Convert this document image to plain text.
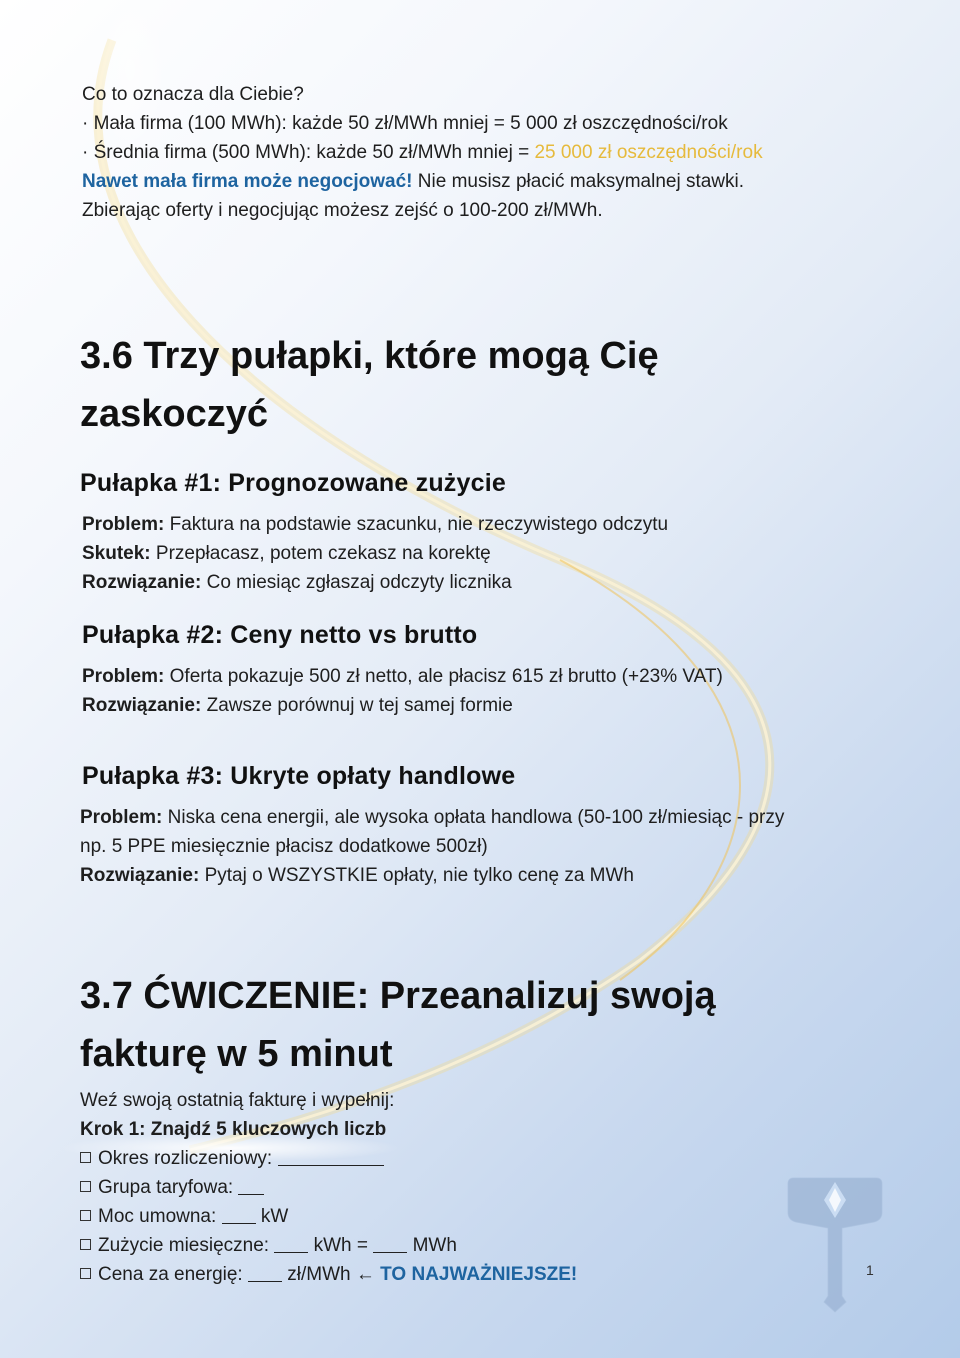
Co to oznacza dla Ciebie?
· Mała firma (100 MWh): każde 50 zł/MWh mniej = 5 000 zł oszczędności/rok
· Średnia firma (500 MWh): każde 50 zł/MWh mniej = 25 000 zł oszczędności/rok
Nawet mała firma może negocjować! Nie musisz płacić maksymalnej stawki.
Zbierając oferty i negocjując możesz zejść o 100-200 zł/MWh.
3.6 Trzy pułapki, które mogą Cię
zaskoczyć
Pułapka #1: Prognozowane zużycie
Problem: Faktura na podstawie szacunku, nie rzeczywistego odczytu
Skutek: Przepłacasz, potem czekasz na korektę
Rozwiązanie: Co miesiąc zgłaszaj odczyty licznika
Pułapka #2: Ceny netto vs brutto
Problem: Oferta pokazuje 500 zł netto, ale płacisz 615 zł brutto (+23% VAT)
Rozwiązanie: Zawsze porównuj w tej samej formie
Pułapka #3: Ukryte opłaty handlowe
Problem: Niska cena energii, ale wysoka opłata handlowa (50-100 zł/miesiąc - przy
np. 5 PPE miesięcznie płacisz dodatkowe 500zł)
Rozwiązanie: Pytaj o WSZYSTKIE opłaty, nie tylko cenę za MWh
3.7 ĆWICZENIE: Przeanalizuj swoją
fakturę w 5 minut
Weź swoją ostatnią fakturę i wypełnij:
Krok 1: Znajdź 5 kluczowych liczb
Okres rozliczeniowy:
Grupa taryfowa:
Moc umowna: kW
Zużycie miesięczne: kWh = MWh
Cena za energię: zł/MWh ← TO NAJWAŻNIEJSZE!	1
